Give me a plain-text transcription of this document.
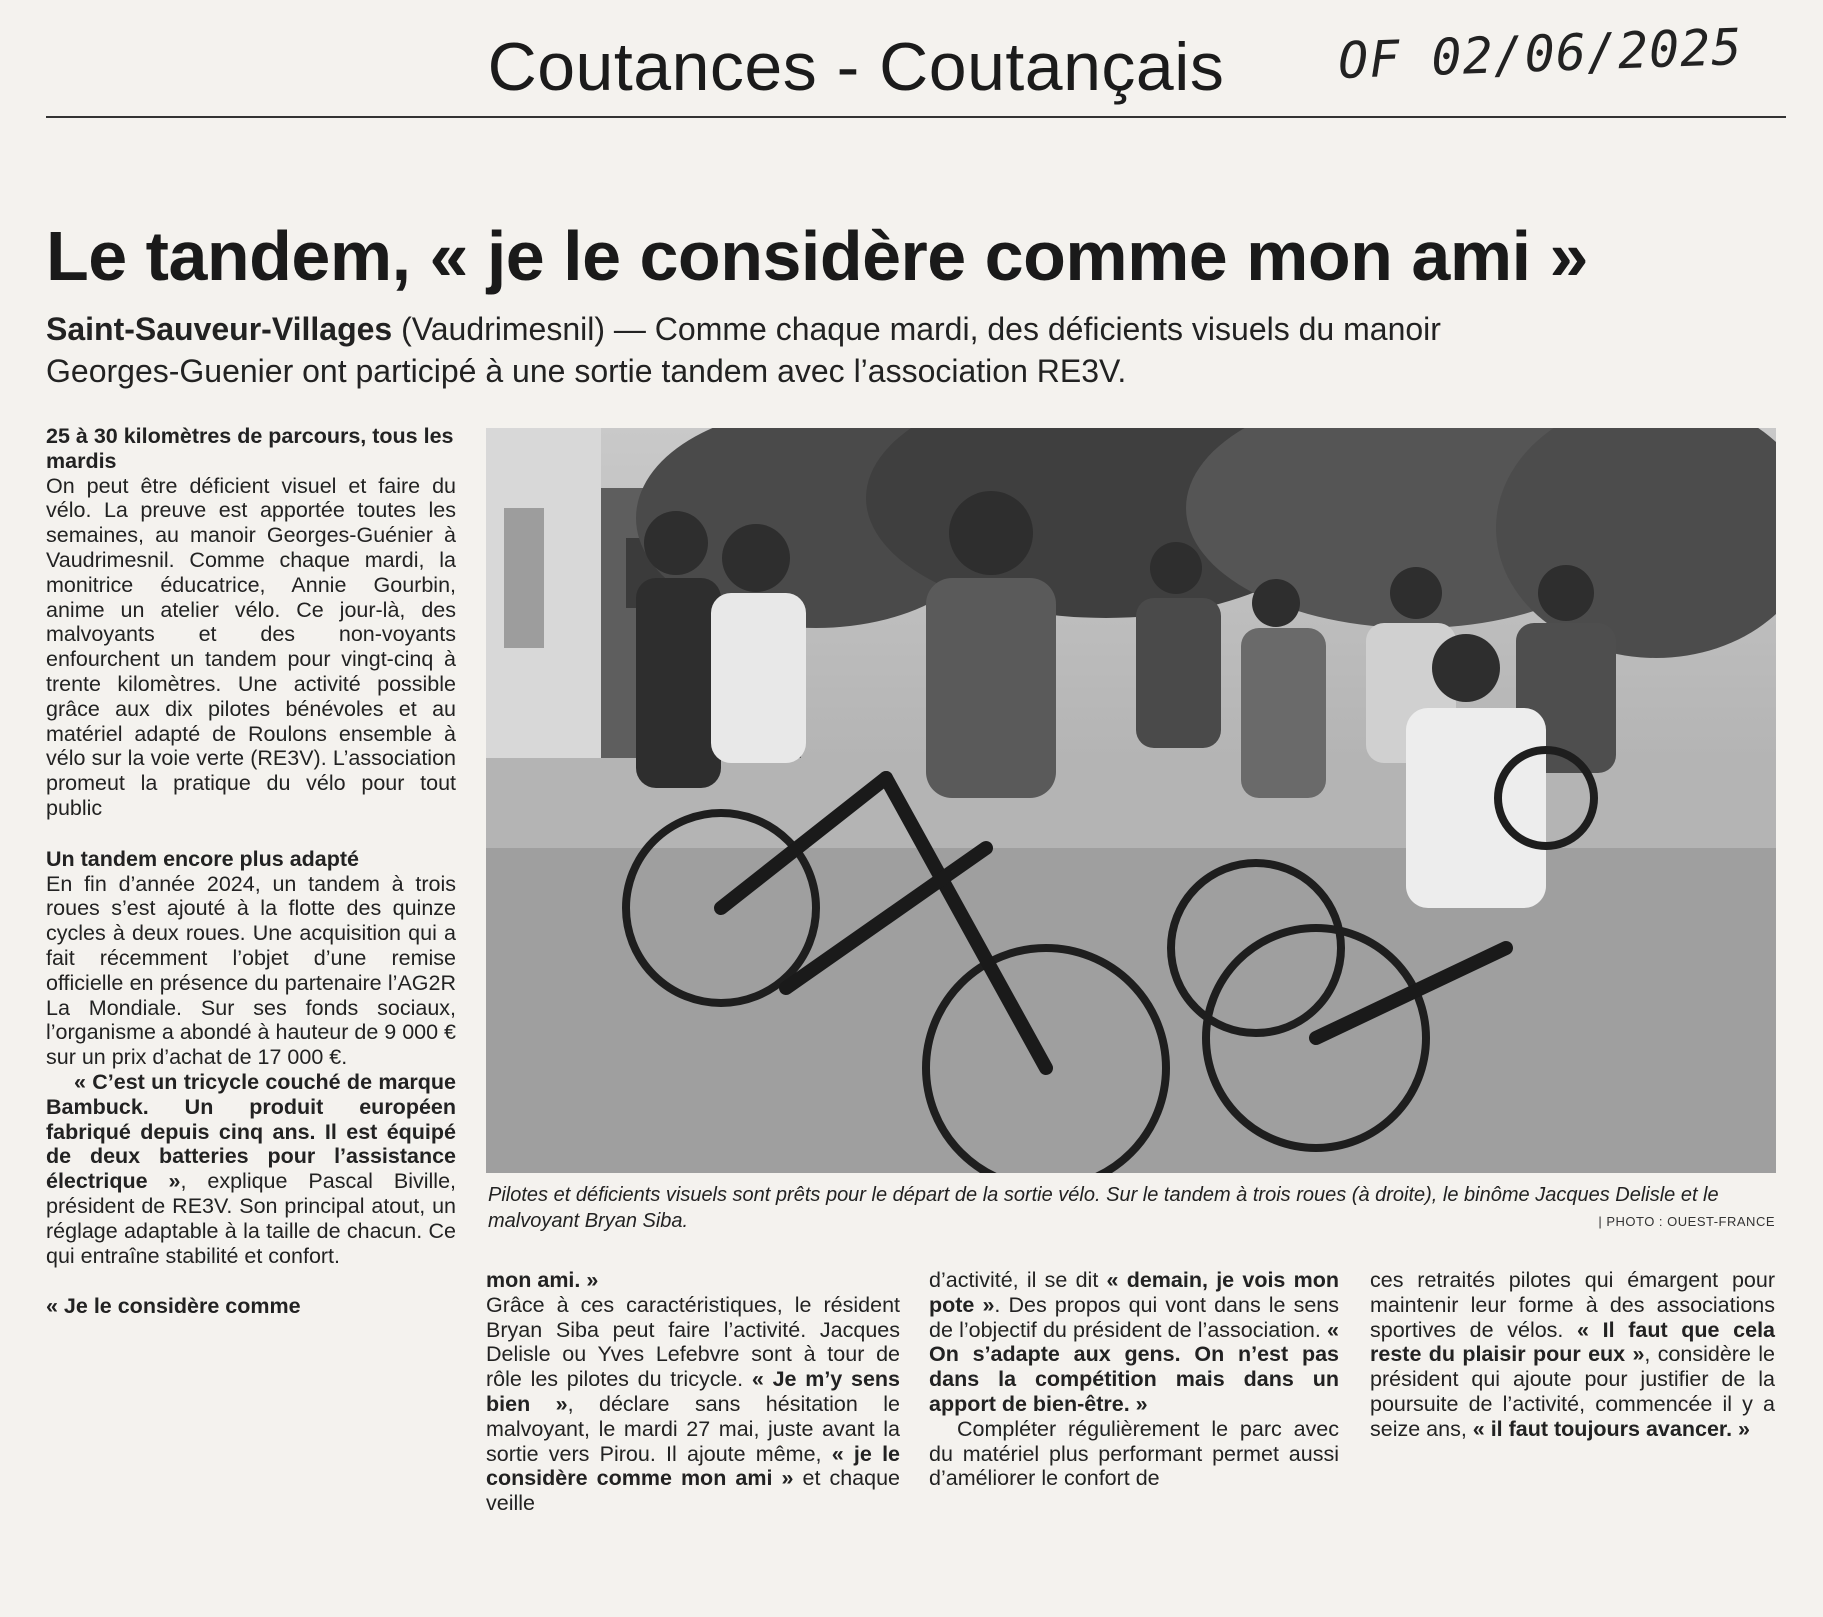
Coutances - Coutançais OF 02/06/2025
Le tandem, « je le considère comme mon ami »
Saint-Sauveur-Villages (Vaudrimesnil) — Comme chaque mardi, des déficients visuels du manoir Georges-Guenier ont participé à une sortie tandem avec l’association RE3V.

25 à 30 kilomètres de parcours, tous les mardis

On peut être déficient visuel et faire du vélo. La preuve est apportée toutes les semaines, au manoir Georges-Guénier à Vaudrimesnil. Comme chaque mardi, la monitrice éducatrice, Annie Gourbin, anime un atelier vélo. Ce jour-là, des malvoyants et des non-voyants enfourchent un tandem pour vingt-cinq à trente kilomètres. Une activité possible grâce aux dix pilotes bénévoles et au matériel adapté de Roulons ensemble à vélo sur la voie verte (RE3V). L’association promeut la pratique du vélo pour tout public

Un tandem encore plus adapté

En fin d’année 2024, un tandem à trois roues s’est ajouté à la flotte des quinze cycles à deux roues. Une acquisition qui a fait récemment l’objet d’une remise officielle en présence du partenaire l’AG2R La Mondiale. Sur ses fonds sociaux, l’organisme a abondé à hauteur de 9 000 € sur un prix d’achat de 17 000 €.

« C’est un tricycle couché de marque Bambuck. Un produit européen fabriqué depuis cinq ans. Il est équipé de deux batteries pour l’assistance électrique », explique Pascal Biville, président de RE3V. Son principal atout, un réglage adaptable à la taille de chacun. Ce qui entraîne stabilité et confort.

« Je le considère comme

Pilotes et déficients visuels sont prêts pour le départ de la sortie vélo. Sur le tandem à trois roues (à droite), le binôme Jacques Delisle et le malvoyant Bryan Siba.	| PHOTO : OUEST-FRANCE

mon ami. »

Grâce à ces caractéristiques, le résident Bryan Siba peut faire l’activité. Jacques Delisle ou Yves Lefebvre sont à tour de rôle les pilotes du tricycle. « Je m’y sens bien », déclare sans hésitation le malvoyant, le mardi 27 mai, juste avant la sortie vers Pirou. Il ajoute même, « je le considère comme mon ami » et chaque veille

d’activité, il se dit « demain, je vois mon pote ». Des propos qui vont dans le sens de l’objectif du président de l’association. « On s’adapte aux gens. On n’est pas dans la compétition mais dans un apport de bien-être. »

Compléter régulièrement le parc avec du matériel plus performant permet aussi d’améliorer le confort de

ces retraités pilotes qui émargent pour maintenir leur forme à des associations sportives de vélos. « Il faut que cela reste du plaisir pour eux », considère le président qui ajoute pour justifier de la poursuite de l’activité, commencée il y a seize ans, « il faut toujours avancer. »
